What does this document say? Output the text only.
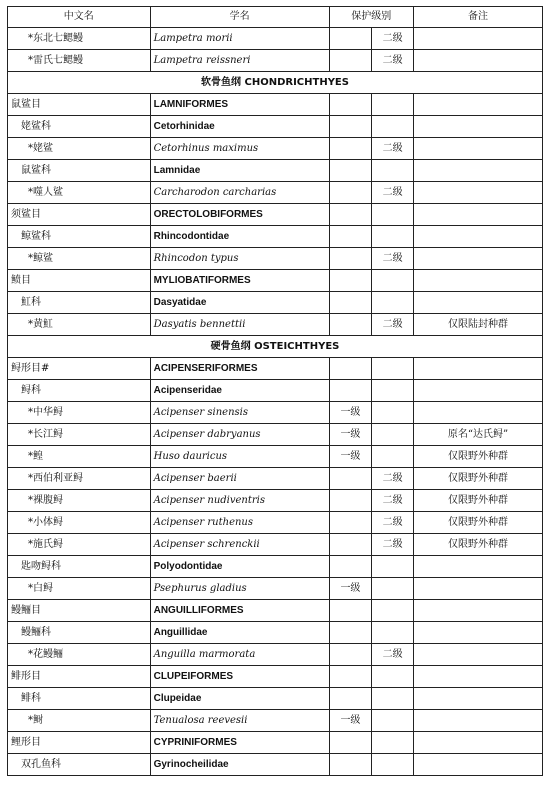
中文名	学名	保护级别		备注
*东北七鳃鳗	Lampetra morii		二级	
*雷氏七鳃鳗	Lampetra reissneri		二级	
软骨鱼纲 CHONDRICHTHYES				
鼠鲨目	LAMNIFORMES			
姥鲨科	Cetorhinidae			
*姥鲨	Cetorhinus maximus		二级	
鼠鲨科	Lamnidae			
*噬人鲨	Carcharodon carcharias		二级	
须鲨目	ORECTOLOBIFORMES			
鲸鲨科	Rhincodontidae			
*鲸鲨	Rhincodon typus		二级	
鲼目	MYLIOBATIFORMES			
魟科	Dasyatidae			
*黄魟	Dasyatis bennettii		二级	仅限陆封种群
硬骨鱼纲 OSTEICHTHYES				
鲟形目#	ACIPENSERIFORMES			
鲟科	Acipenseridae			
*中华鲟	Acipenser sinensis	一级		
*长江鲟	Acipenser dabryanus	一级		原名“达氏鲟”
*鳇	Huso dauricus	一级		仅限野外种群
*西伯利亚鲟	Acipenser baerii		二级	仅限野外种群
*裸腹鲟	Acipenser nudiventris		二级	仅限野外种群
*小体鲟	Acipenser ruthenus		二级	仅限野外种群
*施氏鲟	Acipenser schrenckii		二级	仅限野外种群
匙吻鲟科	Polyodontidae			
*白鲟	Psephurus gladius	一级		
鳗鲡目	ANGUILLIFORMES			
鳗鲡科	Anguillidae			
*花鳗鲡	Anguilla marmorata		二级	
鲱形目	CLUPEIFORMES			
鲱科	Clupeidae			
*鲥	Tenualosa reevesii	一级		
鲤形目	CYPRINIFORMES			
双孔鱼科	Gyrinocheilidae			
